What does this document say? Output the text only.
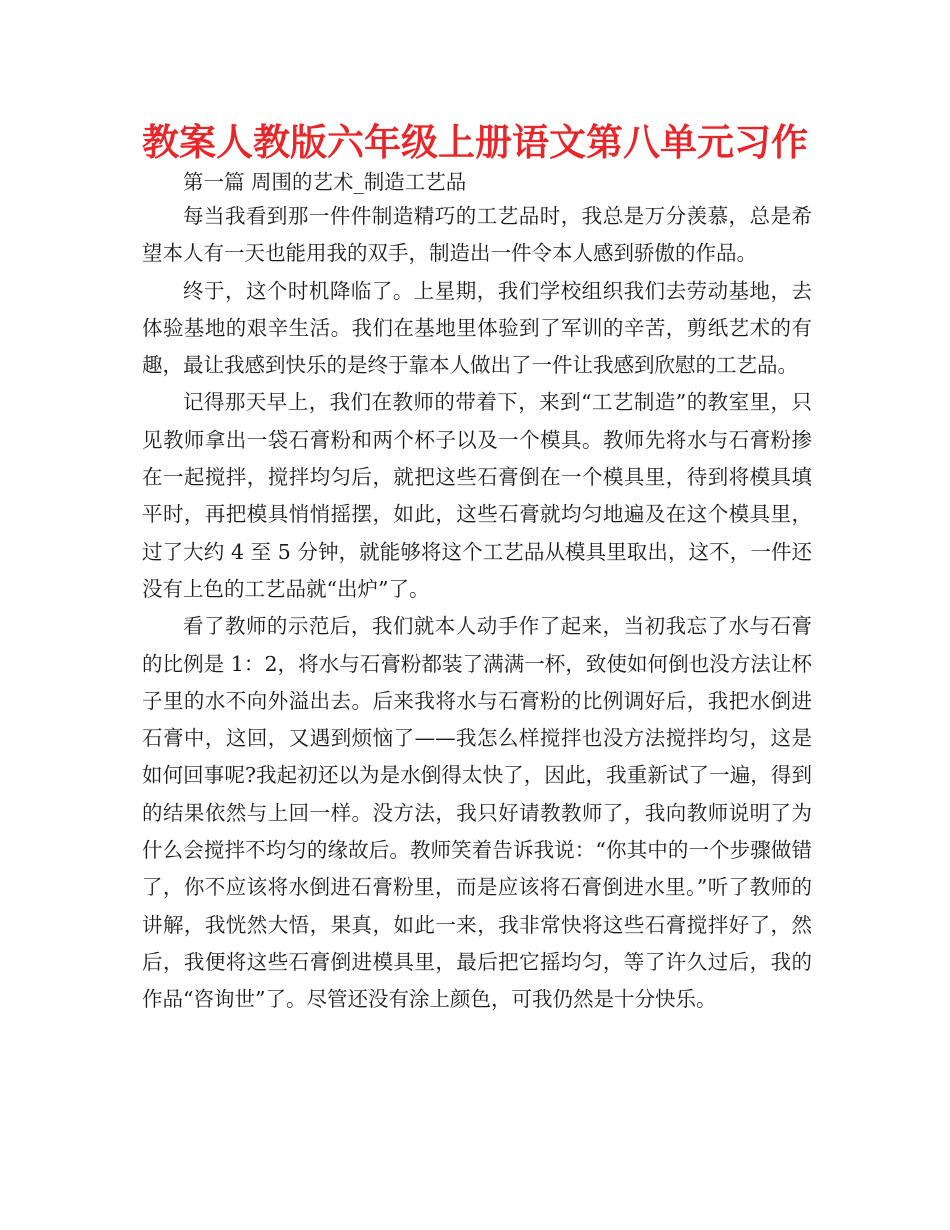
教案人教版六年级上册语文第八单元习作

第一篇 周围的艺术_制造工艺品

每当我看到那一件件制造精巧的工艺品时，我总是万分羡慕，总是希望本人有一天也能用我的双手，制造出一件令本人感到骄傲的作品。

终于，这个时机降临了。上星期，我们学校组织我们去劳动基地，去体验基地的艰辛生活。我们在基地里体验到了军训的辛苦，剪纸艺术的有趣，最让我感到快乐的是终于靠本人做出了一件让我感到欣慰的工艺品。

记得那天早上，我们在教师的带着下，来到“工艺制造”的教室里，只见教师拿出一袋石膏粉和两个杯子以及一个模具。教师先将水与石膏粉掺在一起搅拌，搅拌均匀后，就把这些石膏倒在一个模具里，待到将模具填平时，再把模具悄悄摇摆，如此，这些石膏就均匀地遍及在这个模具里，过了大约 4 至 5 分钟，就能够将这个工艺品从模具里取出，这不，一件还没有上色的工艺品就“出炉”了。

看了教师的示范后，我们就本人动手作了起来，当初我忘了水与石膏的比例是 1：2，将水与石膏粉都装了满满一杯，致使如何倒也没方法让杯子里的水不向外溢出去。后来我将水与石膏粉的比例调好后，我把水倒进石膏中，这回，又遇到烦恼了——我怎么样搅拌也没方法搅拌均匀，这是如何回事呢?我起初还以为是水倒得太快了，因此，我重新试了一遍，得到的结果依然与上回一样。没方法，我只好请教教师了，我向教师说明了为什么会搅拌不均匀的缘故后。教师笑着告诉我说：“你其中的一个步骤做错了，你不应该将水倒进石膏粉里，而是应该将石膏倒进水里。”听了教师的讲解，我恍然大悟，果真，如此一来，我非常快将这些石膏搅拌好了，然后，我便将这些石膏倒进模具里，最后把它摇均匀，等了许久过后，我的作品“咨询世”了。尽管还没有涂上颜色，可我仍然是十分快乐。
